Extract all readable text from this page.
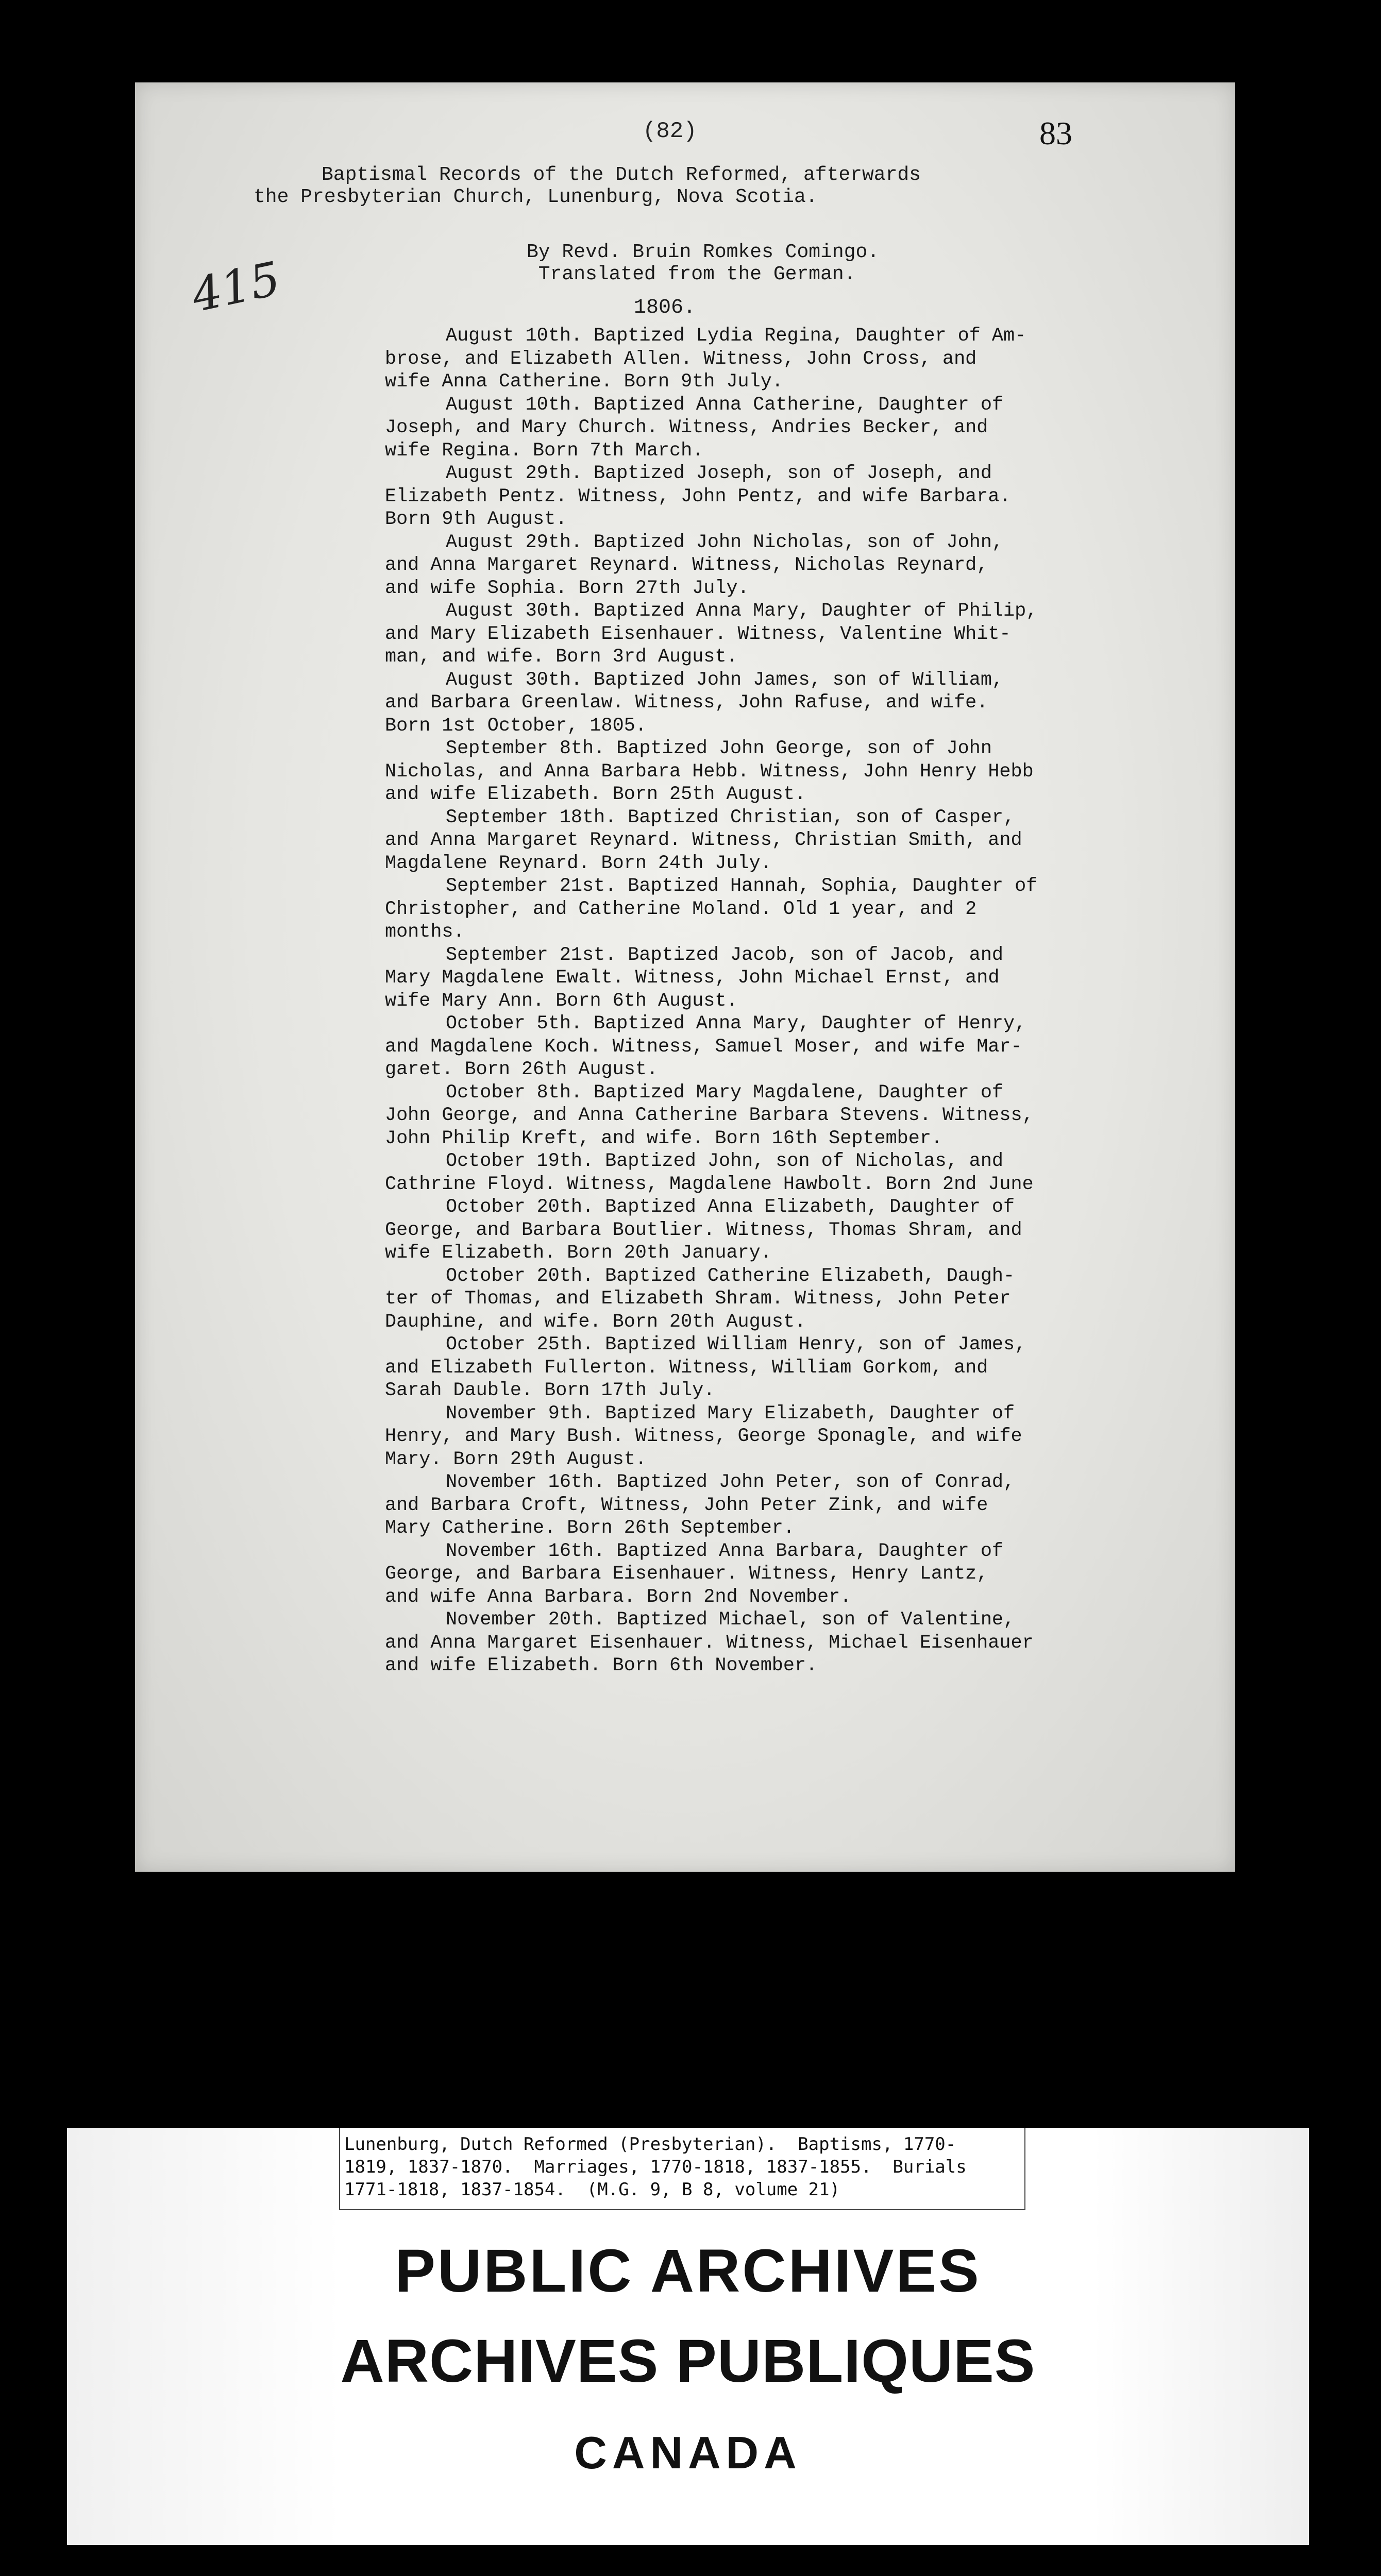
(82)	83
415
Baptismal Records of the Dutch Reformed, afterwards
the Presbyterian Church, Lunenburg, Nova Scotia.
By Revd. Bruin Romkes Comingo.
Translated from the German.
1806.
August 10th. Baptized Lydia Regina, Daughter of Am-
brose, and Elizabeth Allen. Witness, John Cross, and
wife Anna Catherine. Born 9th July.
August 10th. Baptized Anna Catherine, Daughter of
Joseph, and Mary Church. Witness, Andries Becker, and
wife Regina. Born 7th March.
August 29th. Baptized Joseph, son of Joseph, and
Elizabeth Pentz. Witness, John Pentz, and wife Barbara.
Born 9th August.
August 29th. Baptized John Nicholas, son of John,
and Anna Margaret Reynard. Witness, Nicholas Reynard,
and wife Sophia. Born 27th July.
August 30th. Baptized Anna Mary, Daughter of Philip,
and Mary Elizabeth Eisenhauer. Witness, Valentine Whit-
man, and wife. Born 3rd August.
August 30th. Baptized John James, son of William,
and Barbara Greenlaw. Witness, John Rafuse, and wife.
Born 1st October, 1805.
September 8th. Baptized John George, son of John
Nicholas, and Anna Barbara Hebb. Witness, John Henry Hebb
and wife Elizabeth. Born 25th August.
September 18th. Baptized Christian, son of Casper,
and Anna Margaret Reynard. Witness, Christian Smith, and
Magdalene Reynard. Born 24th July.
September 21st. Baptized Hannah, Sophia, Daughter of
Christopher, and Catherine Moland. Old 1 year, and 2
months.
September 21st. Baptized Jacob, son of Jacob, and
Mary Magdalene Ewalt. Witness, John Michael Ernst, and
wife Mary Ann. Born 6th August.
October 5th. Baptized Anna Mary, Daughter of Henry,
and Magdalene Koch. Witness, Samuel Moser, and wife Mar-
garet. Born 26th August.
October 8th. Baptized Mary Magdalene, Daughter of
John George, and Anna Catherine Barbara Stevens. Witness,
John Philip Kreft, and wife. Born 16th September.
October 19th. Baptized John, son of Nicholas, and
Cathrine Floyd. Witness, Magdalene Hawbolt. Born 2nd June
October 20th. Baptized Anna Elizabeth, Daughter of
George, and Barbara Boutlier. Witness, Thomas Shram, and
wife Elizabeth. Born 20th January.
October 20th. Baptized Catherine Elizabeth, Daugh-
ter of Thomas, and Elizabeth Shram. Witness, John Peter
Dauphine, and wife. Born 20th August.
October 25th. Baptized William Henry, son of James,
and Elizabeth Fullerton. Witness, William Gorkom, and
Sarah Dauble. Born 17th July.
November 9th. Baptized Mary Elizabeth, Daughter of
Henry, and Mary Bush. Witness, George Sponagle, and wife
Mary. Born 29th August.
November 16th. Baptized John Peter, son of Conrad,
and Barbara Croft, Witness, John Peter Zink, and wife
Mary Catherine. Born 26th September.
November 16th. Baptized Anna Barbara, Daughter of
George, and Barbara Eisenhauer. Witness, Henry Lantz,
and wife Anna Barbara. Born 2nd November.
November 20th. Baptized Michael, son of Valentine,
and Anna Margaret Eisenhauer. Witness, Michael Eisenhauer
and wife Elizabeth. Born 6th November.
Lunenburg, Dutch Reformed (Presbyterian).  Baptisms, 1770-
1819, 1837-1870.  Marriages, 1770-1818, 1837-1855.  Burials
1771-1818, 1837-1854.  (M.G. 9, B 8, volume 21)
PUBLIC ARCHIVES
ARCHIVES PUBLIQUES
CANADA
